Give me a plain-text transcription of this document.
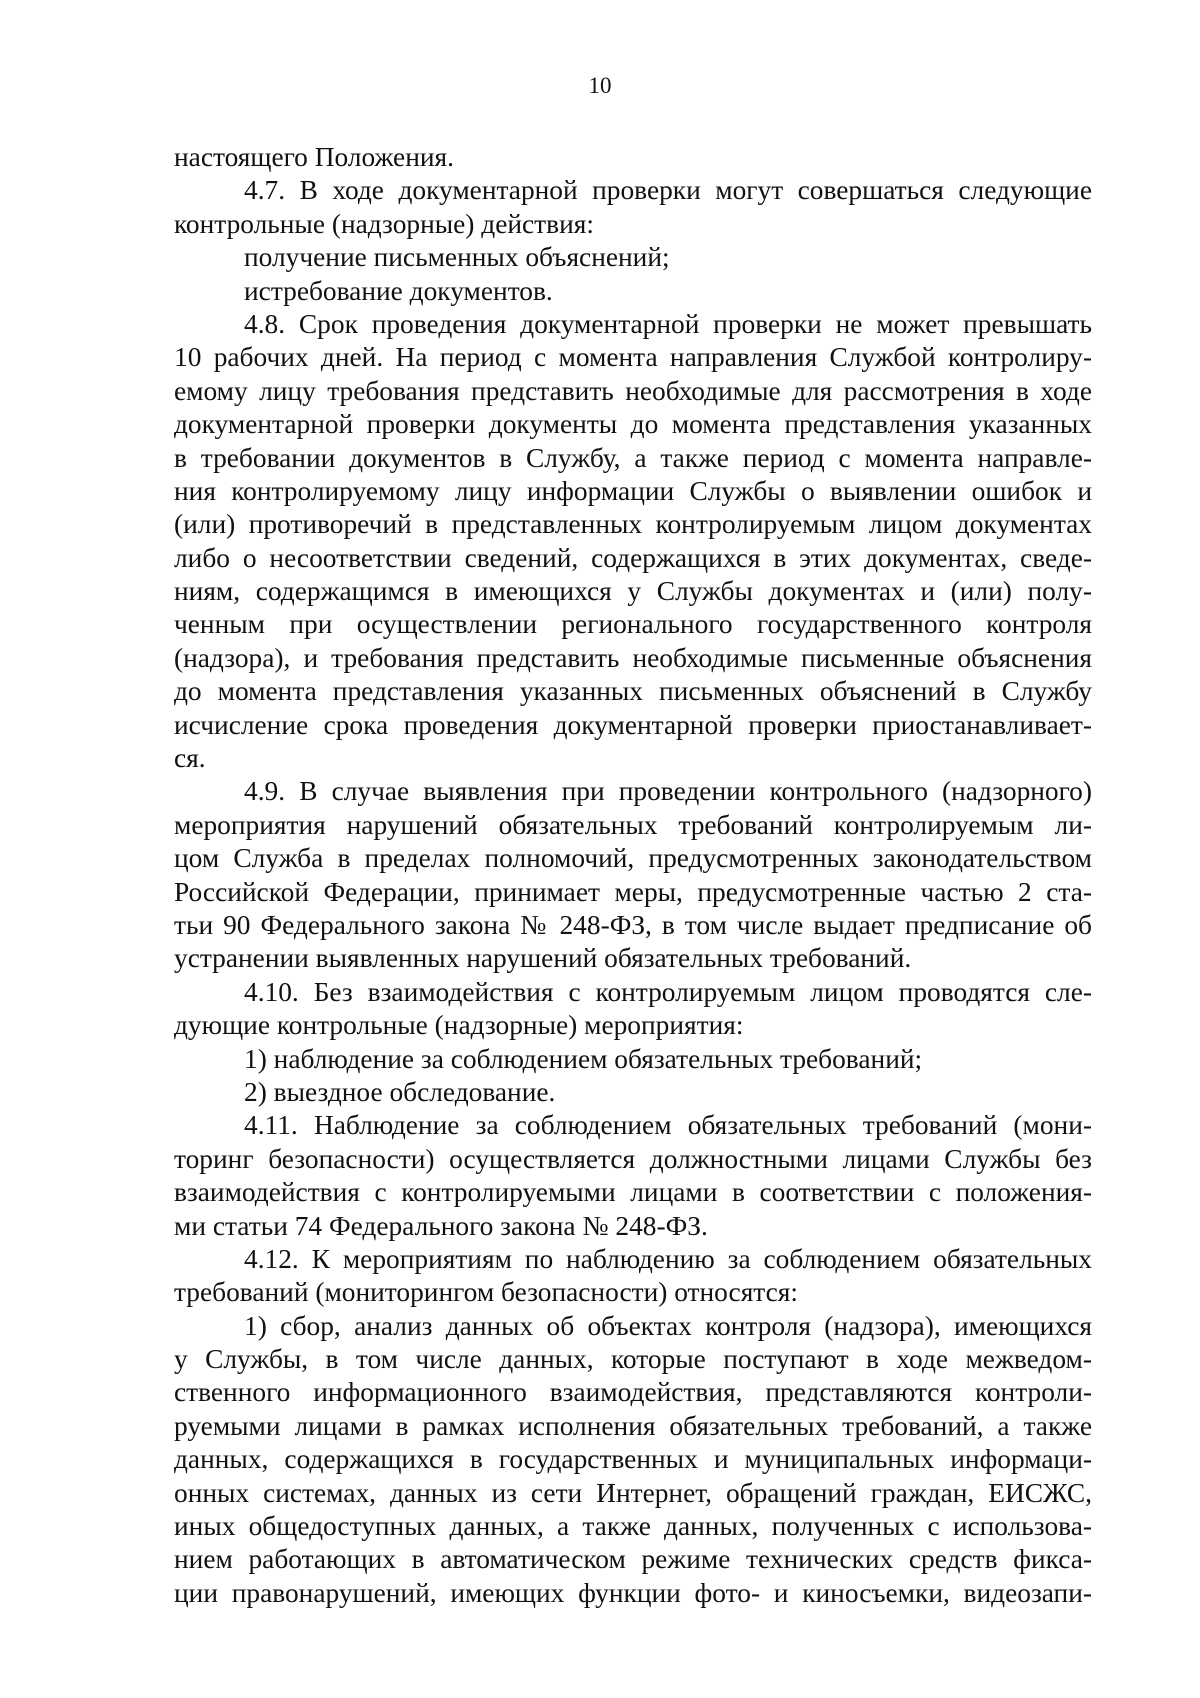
10
настоящего Положения.
4.7. В ходе документарной проверки могут совершаться следующие
контрольные (надзорные) действия:
получение письменных объяснений;
истребование документов.
4.8. Срок проведения документарной проверки не может превышать
10 рабочих дней. На период с момента направления Службой контролиру-
емому лицу требования представить необходимые для рассмотрения в ходе
документарной проверки документы до момента представления указанных
в требовании документов в Службу, а также период с момента направле-
ния контролируемому лицу информации Службы о выявлении ошибок и
(или) противоречий в представленных контролируемым лицом документах
либо о несоответствии сведений, содержащихся в этих документах, сведе-
ниям, содержащимся в имеющихся у Службы документах и (или) полу-
ченным при осуществлении регионального государственного контроля
(надзора), и требования представить необходимые письменные объяснения
до момента представления указанных письменных объяснений в Службу
исчисление срока проведения документарной проверки приостанавливает-
ся.
4.9. В случае выявления при проведении контрольного (надзорного)
мероприятия нарушений обязательных требований контролируемым ли-
цом Служба в пределах полномочий, предусмотренных законодательством
Российской Федерации, принимает меры, предусмотренные частью 2 ста-
тьи 90 Федерального закона № 248-ФЗ, в том числе выдает предписание об
устранении выявленных нарушений обязательных требований.
4.10. Без взаимодействия с контролируемым лицом проводятся сле-
дующие контрольные (надзорные) мероприятия:
1) наблюдение за соблюдением обязательных требований;
2) выездное обследование.
4.11. Наблюдение за соблюдением обязательных требований (мони-
торинг безопасности) осуществляется должностными лицами Службы без
взаимодействия с контролируемыми лицами в соответствии с положения-
ми статьи 74 Федерального закона № 248-ФЗ.
4.12. К мероприятиям по наблюдению за соблюдением обязательных
требований (мониторингом безопасности) относятся:
1) сбор, анализ данных об объектах контроля (надзора), имеющихся
у Службы, в том числе данных, которые поступают в ходе межведом-
ственного информационного взаимодействия, представляются контроли-
руемыми лицами в рамках исполнения обязательных требований, а также
данных, содержащихся в государственных и муниципальных информаци-
онных системах, данных из сети Интернет, обращений граждан, ЕИСЖС,
иных общедоступных данных, а также данных, полученных с использова-
нием работающих в автоматическом режиме технических средств фикса-
ции правонарушений, имеющих функции фото- и киносъемки, видеозапи-
